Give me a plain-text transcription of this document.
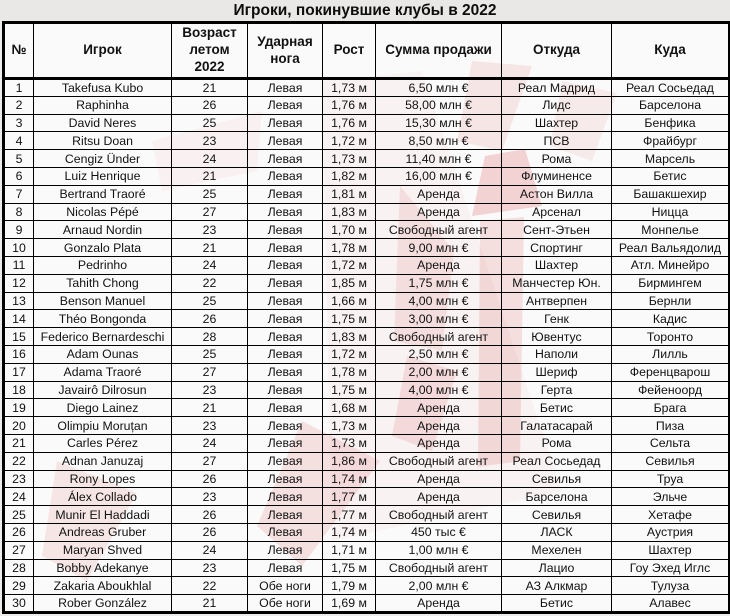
Игроки, покинувшие клубы в 2022
№	Игрок	Возраст летом 2022	Ударная нога	Рост	Сумма продажи	Откуда	Куда
1	Takefusa Kubo	21	Левая	1,73 м	6,50 млн €	Реал Мадрид	Реал Сосьедад
2	Raphinha	26	Левая	1,76 м	58,00 млн €	Лидс	Барселона
3	David Neres	25	Левая	1,76 м	15,30 млн €	Шахтер	Бенфика
4	Ritsu Doan	23	Левая	1,72 м	8,50 млн €	ПСВ	Фрайбург
5	Cengiz Ünder	24	Левая	1,73 м	11,40 млн €	Рома	Марсель
6	Luiz Henrique	21	Левая	1,82 м	16,00 млн €	Флуминенсе	Бетис
7	Bertrand Traoré	25	Левая	1,81 м	Аренда	Астон Вилла	Башакшехир
8	Nicolas Pépé	27	Левая	1,83 м	Аренда	Арсенал	Ницца
9	Arnaud Nordin	23	Левая	1,70 м	Свободный агент	Сент-Этьен	Монпелье
10	Gonzalo Plata	21	Левая	1,78 м	9,00 млн €	Спортинг	Реал Вальядолид
11	Pedrinho	24	Левая	1,72 м	Аренда	Шахтер	Атл. Минейро
12	Tahith Chong	22	Левая	1,85 м	1,75 млн €	Манчестер Юн.	Бирмингем
13	Benson Manuel	25	Левая	1,66 м	4,00 млн €	Антверпен	Бернли
14	Théo Bongonda	26	Левая	1,75 м	3,00 млн €	Генк	Кадис
15	Federico Bernardeschi	28	Левая	1,83 м	Свободный агент	Ювентус	Торонто
16	Adam Ounas	25	Левая	1,72 м	2,50 млн €	Наполи	Лилль
17	Adama Traoré	27	Левая	1,78 м	2,00 млн €	Шериф	Ференцварош
18	Javairô Dilrosun	23	Левая	1,75 м	4,00 млн €	Герта	Фейеноорд
19	Diego Lainez	21	Левая	1,68 м	Аренда	Бетис	Брага
20	Olimpiu Moruțan	23	Левая	1,73 м	Аренда	Галатасарай	Пиза
21	Carles Pérez	24	Левая	1,73 м	Аренда	Рома	Сельта
22	Adnan Januzaj	27	Левая	1,86 м	Свободный агент	Реал Сосьедад	Севилья
23	Rony Lopes	26	Левая	1,74 м	Аренда	Севилья	Труа
24	Álex Collado	23	Левая	1,77 м	Аренда	Барселона	Эльче
25	Munir El Haddadi	26	Левая	1,77 м	Свободный агент	Севилья	Хетафе
26	Andreas Gruber	26	Левая	1,74 м	450 тыс €	ЛАСК	Аустрия
27	Maryan Shved	24	Левая	1,71 м	1,00 млн €	Мехелен	Шахтер
28	Bobby Adekanye	23	Левая	1,75 м	Свободный агент	Лацио	Гоу Эхед Иглс
29	Zakaria Aboukhlal	22	Обе ноги	1,79 м	2,00 млн €	АЗ Алкмар	Тулуза
30	Rober González	21	Обе ноги	1,69 м	Аренда	Бетис	Алавес
